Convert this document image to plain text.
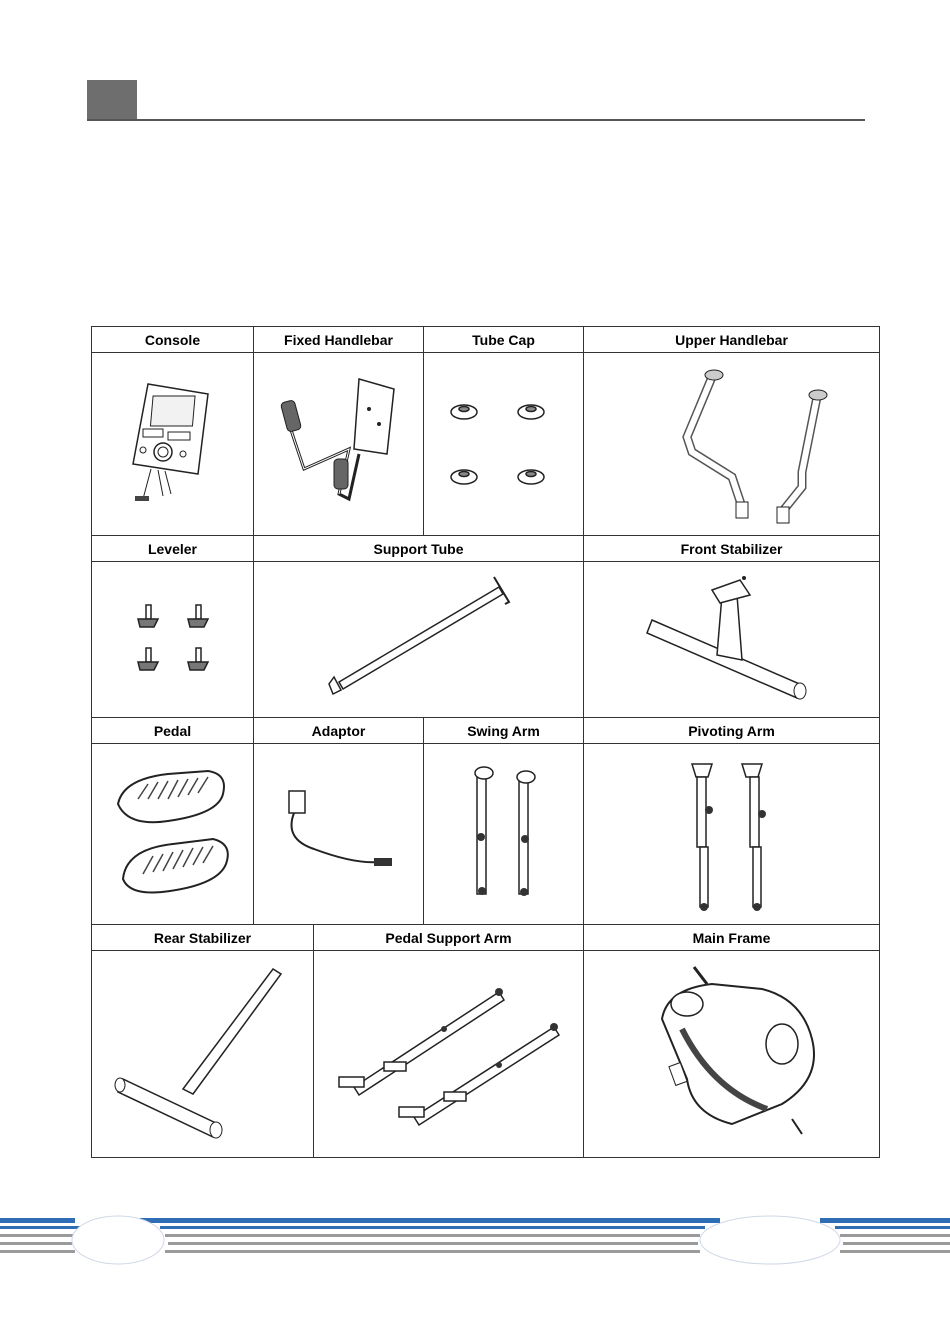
Console	Fixed Handlebar		Tube Cap	Upper Handlebar

Leveler	Support Tube			Front Stabilizer

Pedal	Adaptor		Swing Arm	Pivoting Arm

Rear Stabilizer		Pedal Support Arm		Main Frame
